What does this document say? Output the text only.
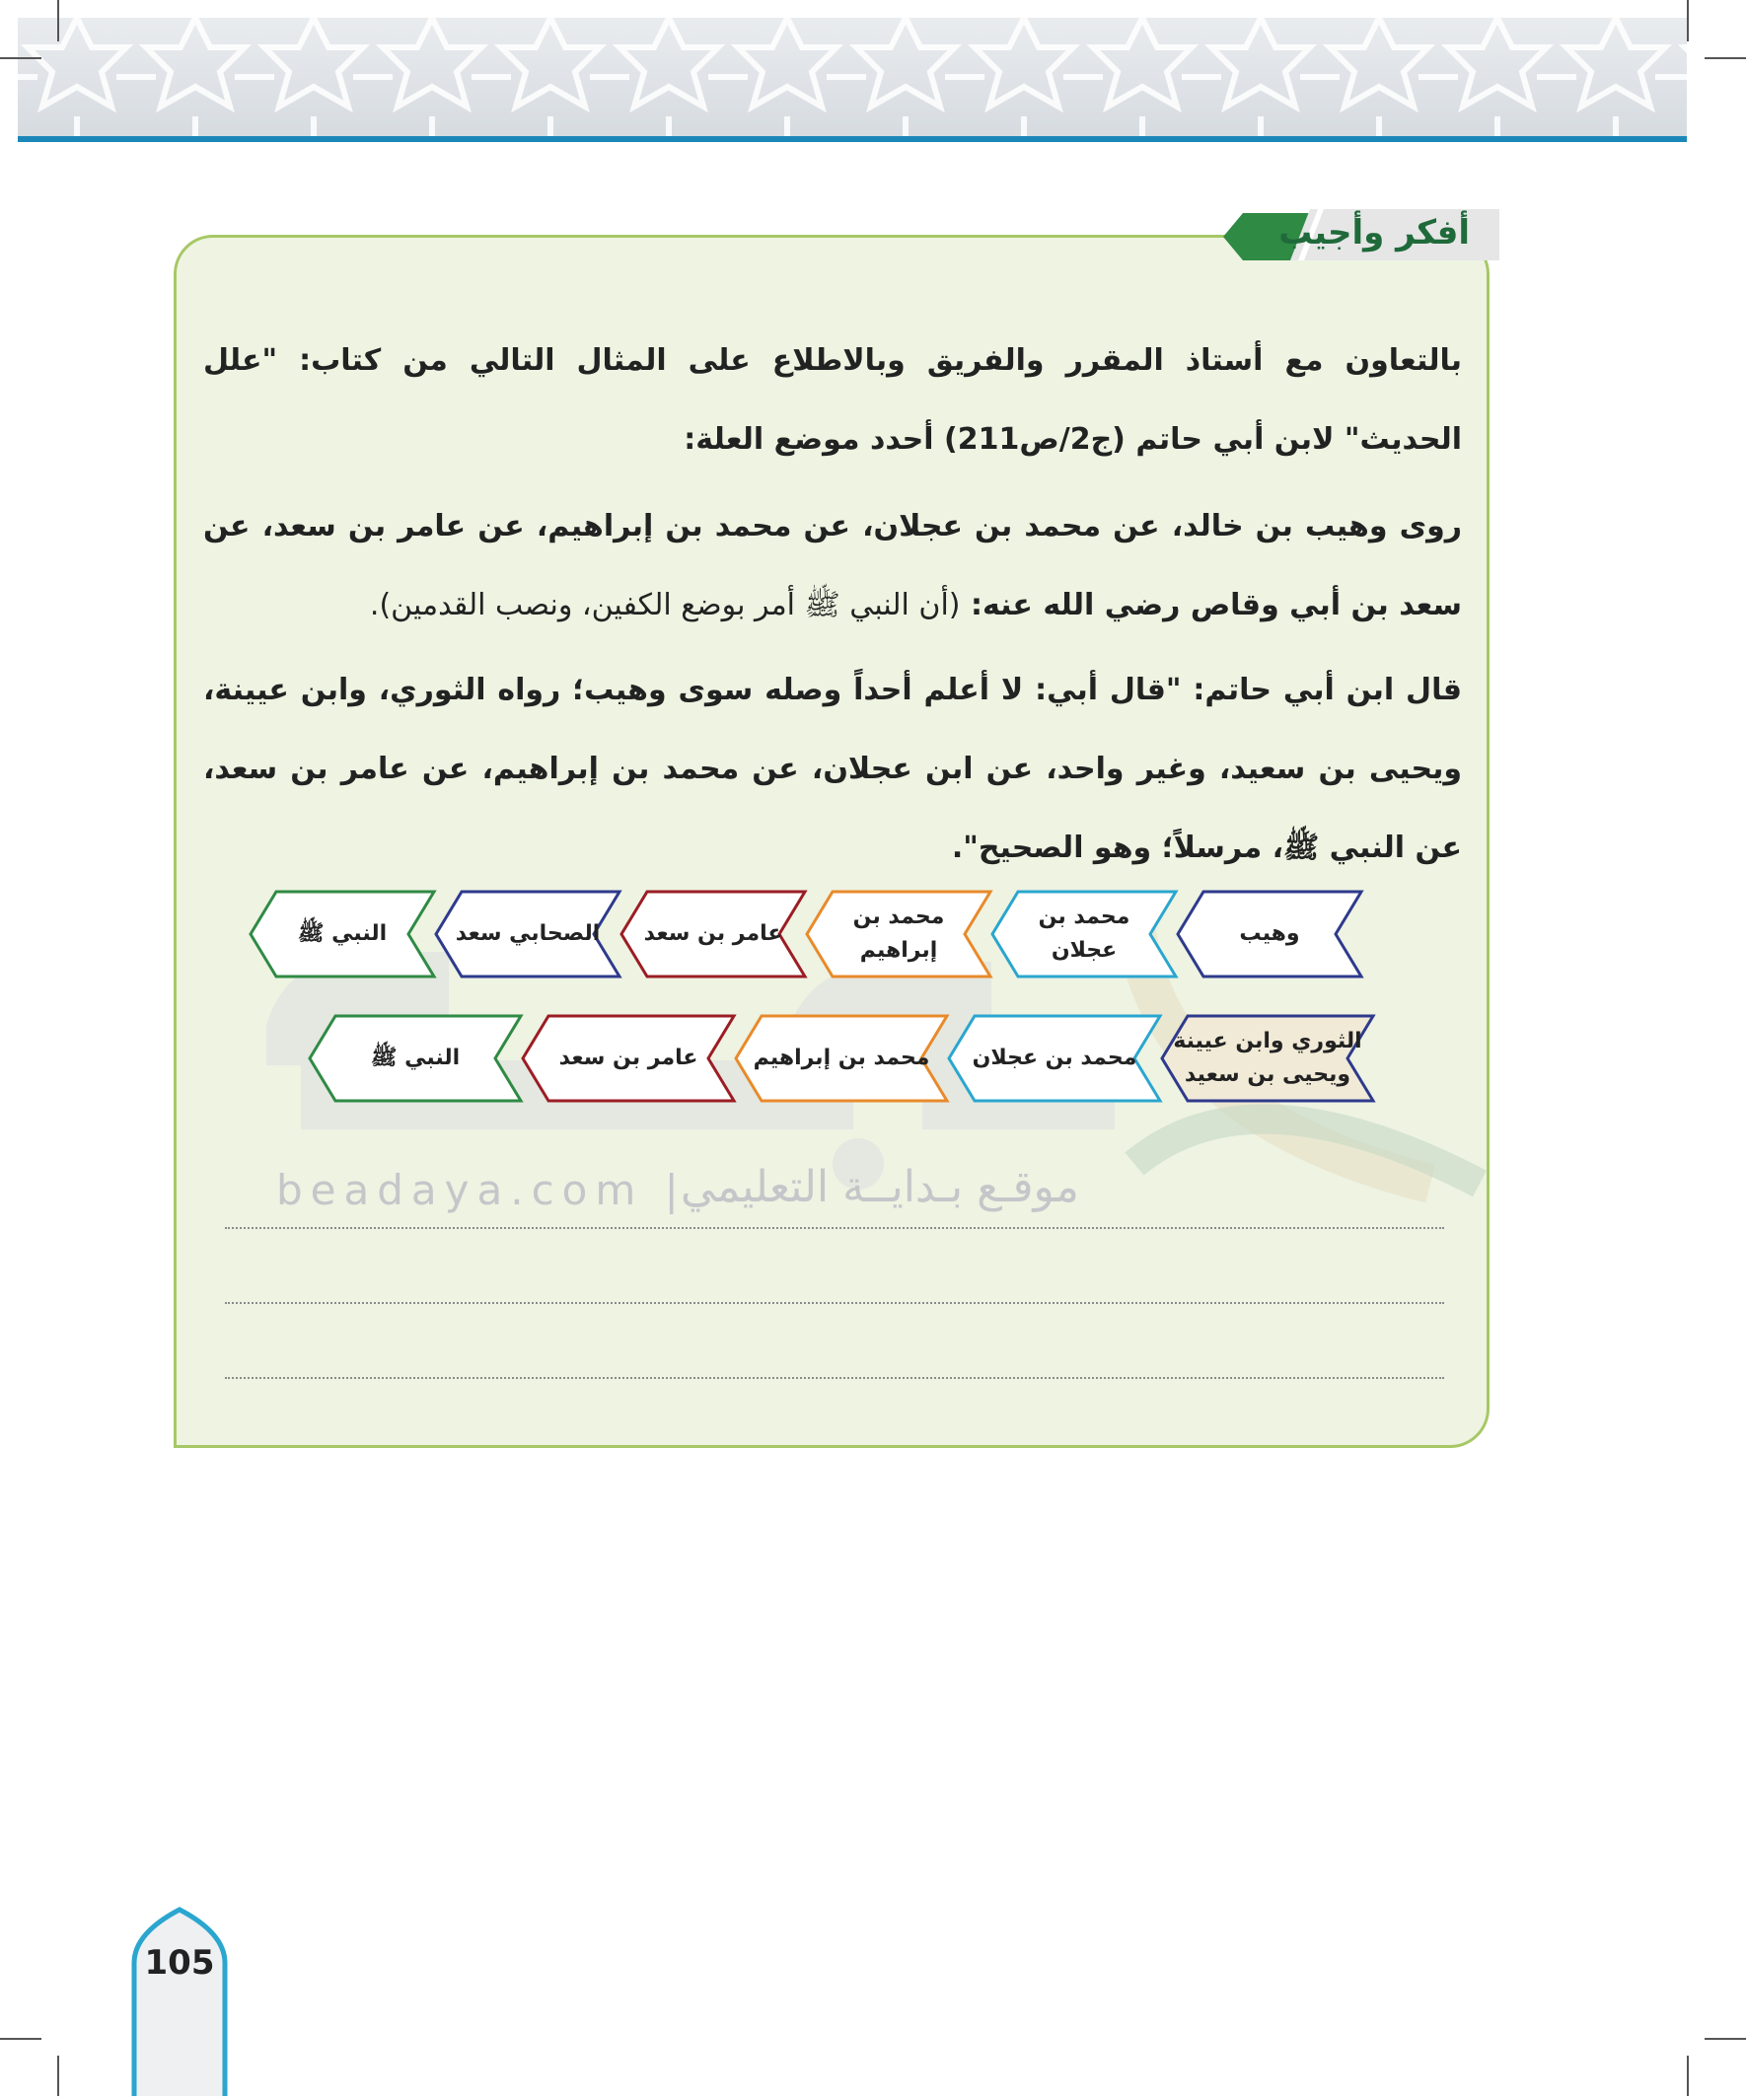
أفكر وأجيب
بالتعاون مع أستاذ المقرر والفريق وبالاطلاع على المثال التالي من كتاب: "علل الحديث" لابن أبي حاتم (ج2/ص211) أحدد موضع العلة:
روى وهيب بن خالد، عن محمد بن عجلان، عن محمد بن إبراهيم، عن عامر بن سعد، عن سعد بن أبي وقاص رضي الله عنه: (أن النبي ﷺ أمر بوضع الكفين، ونصب القدمين).
قال ابن أبي حاتم: "قال أبي: لا أعلم أحداً وصله سوى وهيب؛ رواه الثوري، وابن عيينة، ويحيى بن سعيد، وغير واحد، عن ابن عجلان، عن محمد بن إبراهيم، عن عامر بن سعد، عن النبي ﷺ، مرسلاً؛ وهو الصحيح".
beadaya.com |
موقـع بـدايــة التعليمي
وهيب
محمد بن
عجلان
محمد بن
إبراهيم
عامر بن سعد
الصحابي سعد
النبي ﷺ
الثوري وابن عيينة
ويحيى بن سعيد
محمد بن عجلان
محمد بن إبراهيم
عامر بن سعد
النبي ﷺ
105
